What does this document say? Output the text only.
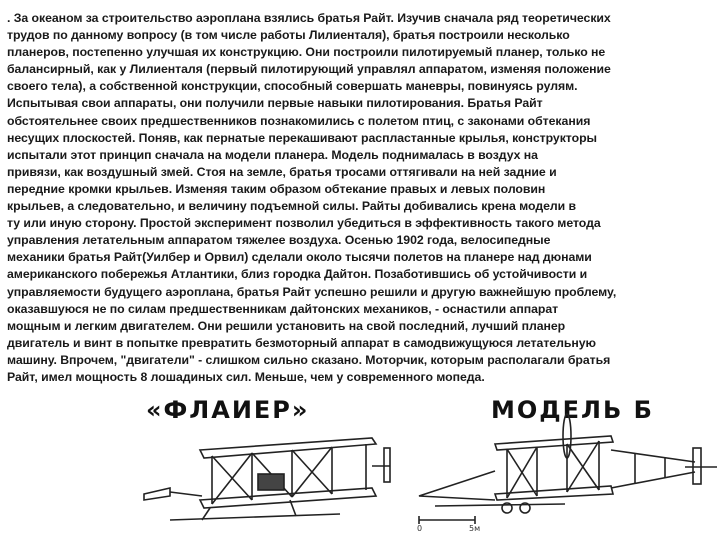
. За океаном за строительство аэроплана взялись братья Райт. Изучив сначала ряд теоретических
трудов по данному вопросу (в том числе работы Лилиенталя), братья построили несколько
планеров, постепенно улучшая их конструкцию. Они построили пилотируемый планер, только не
балансирный, как у Лилиенталя (первый пилотирующий управлял аппаратом, изменяя положение
своего тела), а собственной конструкции, способный совершать маневры, повинуясь рулям.
Испытывая свои аппараты, они получили первые навыки пилотирования. Братья Райт
обстоятельнее своих предшественников познакомились с полетом птиц, с законами обтекания
несущих плоскостей. Поняв, как пернатые перекашивают распластанные крылья, конструкторы
испытали этот принцип сначала на модели планера. Модель поднималась в воздух на
привязи, как воздушный змей. Стоя на земле, братья тросами оттягивали на ней задние и
передние кромки крыльев. Изменяя таким образом обтекание правых и левых половин
крыльев, а следовательно, и величину подъемной силы. Райты добивались крена модели в
ту или иную сторону. Простой эксперимент позволил убедиться в эффективность такого метода
управления летательным аппаратом тяжелее воздуха. Осенью 1902 года, велосипедные
механики братья Райт(Уилбер и Орвил) сделали около тысячи полетов на планере над дюнами
американского побережья Атлантики, близ городка Дайтон. Позаботившись об устойчивости и
управляемости будущего аэроплана, братья Райт успешно решили и другую важнейшую проблему,
оказавшуюся не по силам предшественникам дайтонских механиков, - оснастили аппарат
мощным и легким двигателем. Они решили установить на свой последний, лучший планер
двигатель и винт в попытке превратить безмоторный аппарат в самодвижущуюся летательную
машину. Впрочем, "двигатели" - слишком сильно сказано. Моторчик, которым располагали братья
Райт, имел мощность 8 лошадиных сил. Меньше, чем у современного мопеда.
«ФЛАИЕР»	МОДЕЛЬ Б
0	5м
